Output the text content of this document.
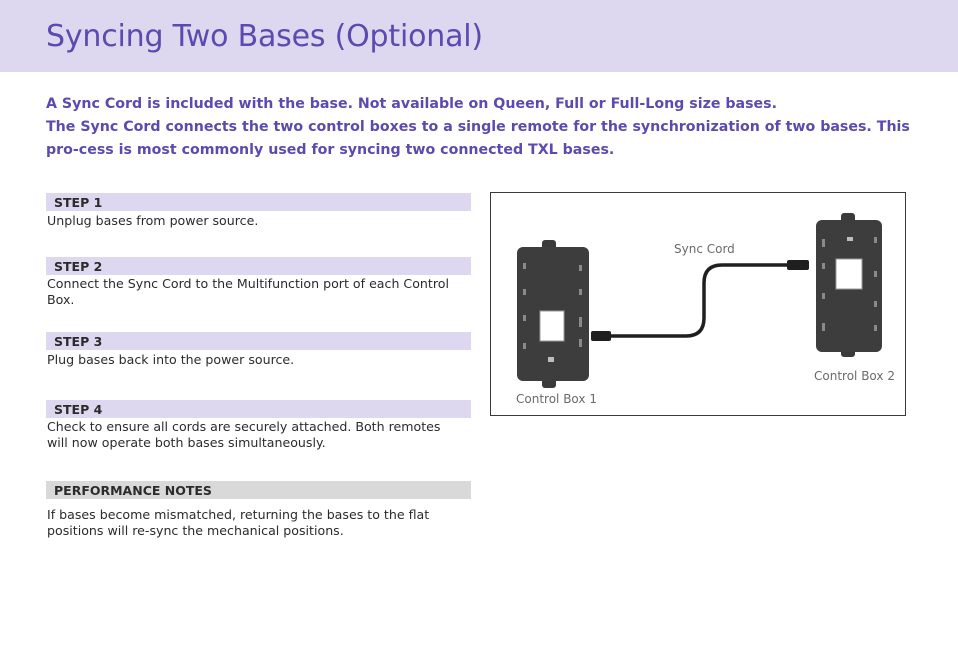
Syncing Two Bases (Optional)

A Sync Cord is included with the base. Not available on Queen, Full or Full-Long size bases.

The Sync Cord connects the two control boxes to a single remote for the synchronization of two bases. This pro-cess is most commonly used for syncing two connected TXL bases.

STEP 1

Unplug bases from power source.

STEP 2

Connect the Sync Cord to the Multifunction port of each Control Box.

STEP 3

Plug bases back into the power source.

STEP 4

Check to ensure all cords are securely attached. Both remotes will now operate both bases simultaneously.

PERFORMANCE NOTES

If bases become mismatched, returning the bases to the flat positions will re-sync the mechanical positions.

Sync Cord
Control Box 1
Control Box 2
